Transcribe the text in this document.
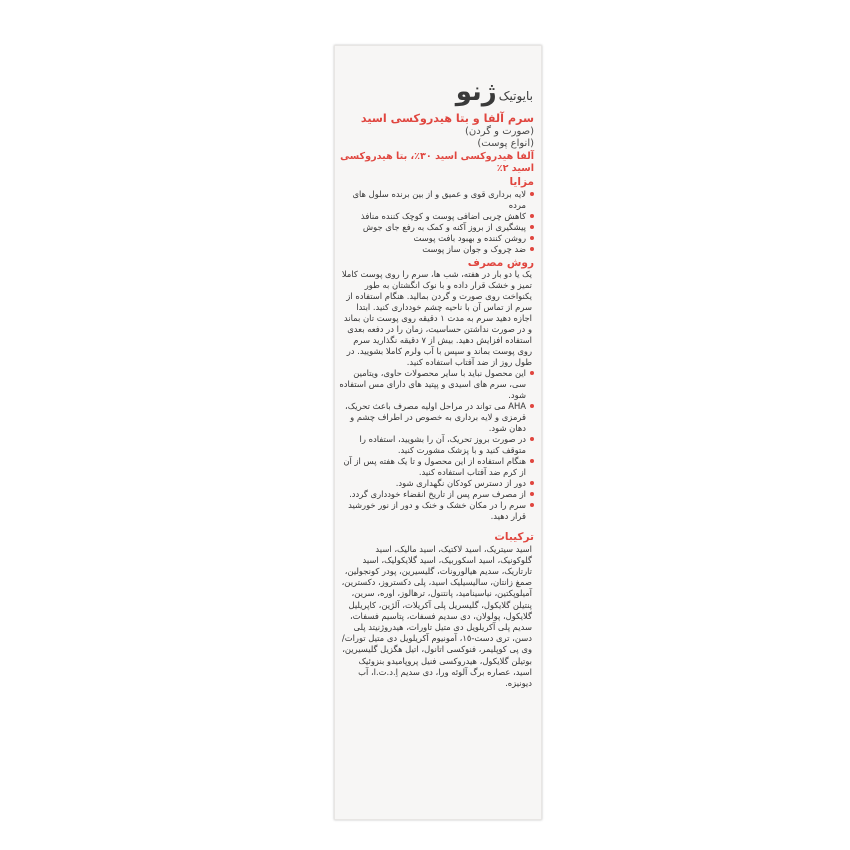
بایوتیک
ژنو
سرم آلفا و بتا هیدروکسی اسید
(صورت و گردن)
(انواع پوست)
آلفا هیدروکسی اسید ٣٠٪، بتا هیدروکسی اسید ٢٪
مزایا
لایه برداری قوی و عمیق و از بین برنده سلول های مرده
کاهش چربی اضافی پوست و کوچک کننده منافذ
پیشگیری از بروز آکنه و کمک به رفع جای جوش
روشن کننده و بهبود بافت پوست
ضد چروک و جوان ساز پوست
روش مصرف
یک یا دو بار در هفته، شب ها، سرم را روی پوست کاملا تمیز و خشک قرار داده و با نوک انگشتان به طور یکنواخت روی صورت و گردن بمالید. هنگام استفاده از سرم از تماس آن با ناحیه چشم خودداری کنید. ابتدا اجازه دهید سرم به مدت ١ دقیقه روی پوست تان بماند و در صورت نداشتن حساسیت، زمان را در دفعه بعدی استفاده افزایش دهید. بیش از ٧ دقیقه نگذارید سرم روی پوست بماند و سپس با آب ولرم کاملا بشویید. در طول روز از ضد آفتاب استفاده کنید.
این محصول نباید با سایر محصولات حاوی، ویتامین سی، سرم های اسیدی و پپتید های دارای مس استفاده شود.
AHA می تواند در مراحل اولیه مصرف باعث تحریک، قرمزی و لایه برداری به خصوص در اطراف چشم و دهان شود.
در صورت بروز تحریک، آن را بشویید، استفاده را متوقف کنید و با پزشک مشورت کنید.
هنگام استفاده از این محصول و تا یک هفته پس از آن از کرم ضد آفتاب استفاده کنید.
دور از دسترس کودکان نگهداری شود.
از مصرف سرم پس از تاریخ انقضاء خودداری گردد.
سرم را در مکان خشک و خنک و دور از نور خورشید قرار دهید.
ترکیبات
اسید سیتریک، اسید لاکتیک، اسید مالیک، اسید گلوکونیک، اسید اسکوربیک، اسید گلایکولیک، اسید تارتاریک، سدیم هیالورونات، گلیسیرین، پودر کونجولین، صمغ زانتان، سالیسیلیک اسید، پلی دکستروز، دکسترین، آمیلوپکتین، نیاسینامید، پانتنول، ترهالوز، اوره، سرین، پنتیلن گلایکول، گلیسریل پلی آکریلات، آلژین، کاپریلیل گلایکول، پولولان، دی سدیم فسفات، پتاسیم فسفات، سدیم پلی آکریلویل دی متیل تاورات، هیدروژنیتد پلی دسن، تری دست-١٥، آمونیوم آکریلویل دی متیل تورات/وی پی کوپلیمر، فنوکسی اتانول، اتیل هگزیل گلیسیرین، بوتیلن گلایکول، هیدروکسی فنیل پروپامیدو بنزوئیک اسید، عصاره برگ آلوئه ورا، دی سدیم اِ.د.ت.ا، آب دیونیزه.
